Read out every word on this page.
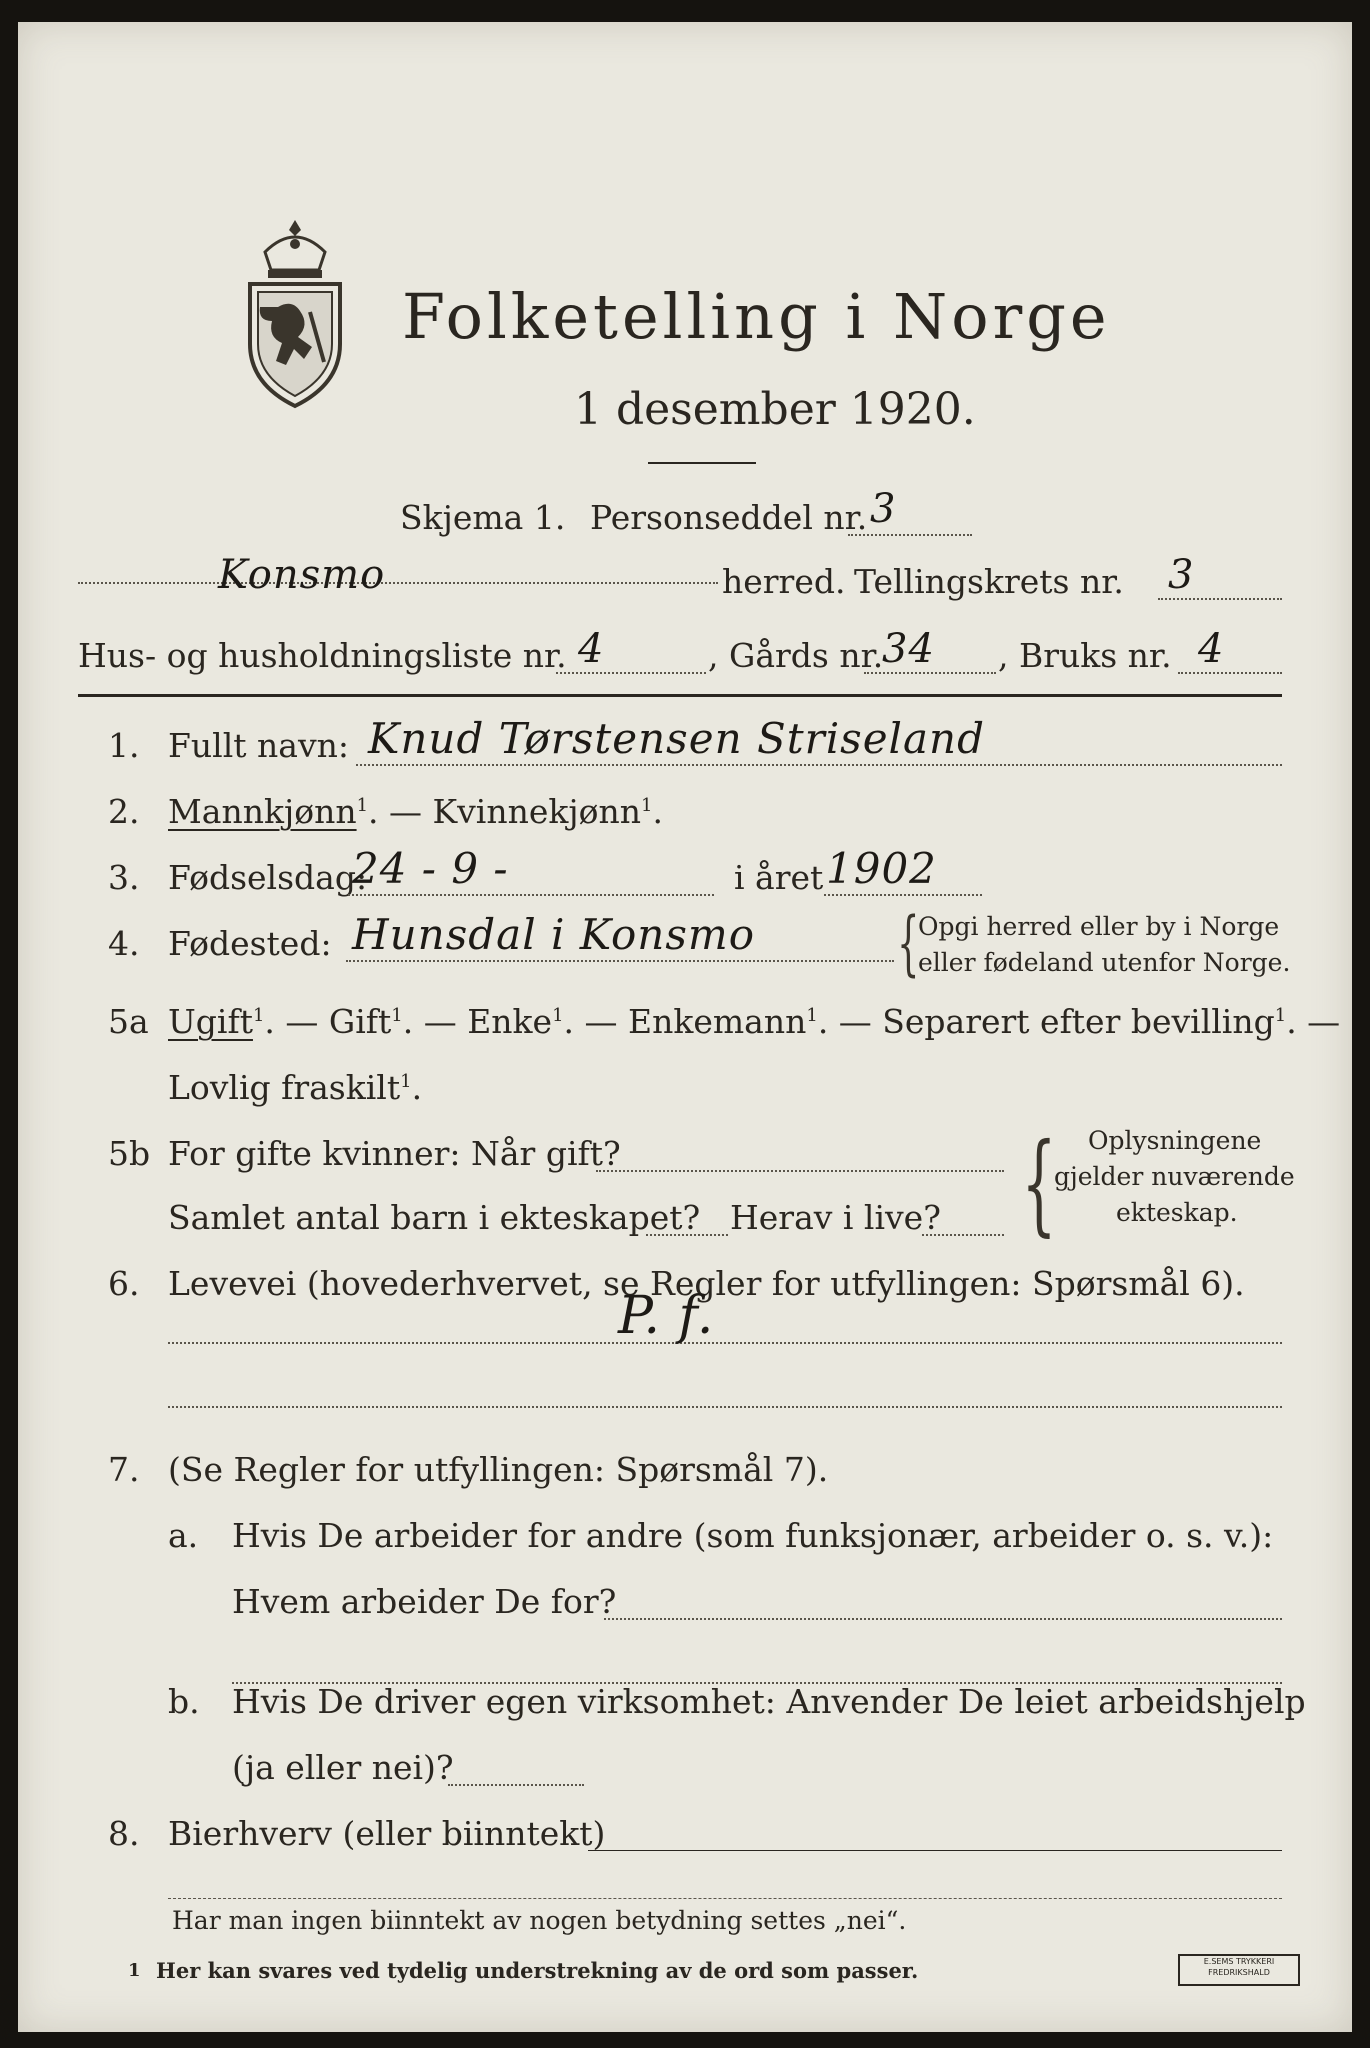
Folketelling i Norge
1 desember 1920.
Skjema 1. Personseddel nr. 3
Konsmo	herred. Tellingskrets nr. 3
Hus- og husholdningsliste nr. 4	, Gårds nr.
34 , Bruks nr. 4
1. Fullt navn: Knud Tørstensen Striseland
2. Mannkjønn$^1$. — Kvinnekjønn$^1$.
3. Fødselsdag:
24 - 9 -	i året 1902
4. Fødested: Hunsdal i Konsmo {
Opgi herred eller by i Norge
eller fødeland utenfor Norge.
5a Ugift$^1$. — Gift$^1$. — Enke$^1$. — Enkemann$^1$. — Separert efter bevilling$^1$. —
Lovlig fraskilt$^1$.
5b For gifte kvinner: Når gift?
Samlet antal barn i ekteskapet? Herav i live? { Oplysningene
gjelder nuværende
ekteskap.
6. Levevei (hovederhvervet, se Regler for utfyllingen: Spørsmål 6).
P. f.
7. (Se Regler for utfyllingen: Spørsmål 7).
a. Hvis De arbeider for andre (som funksjonær, arbeider o. s. v.):
Hvem arbeider De for?
b. Hvis De driver egen virksomhet: Anvender De leiet arbeidshjelp
(ja eller nei)?
8. Bierhverv (eller biinntekt)
Har man ingen biinntekt av nogen betydning settes „nei“.
1 Her kan svares ved tydelig understrekning av de ord som passer.	E.SEMS TRYKKERI
FREDRIKSHALD
